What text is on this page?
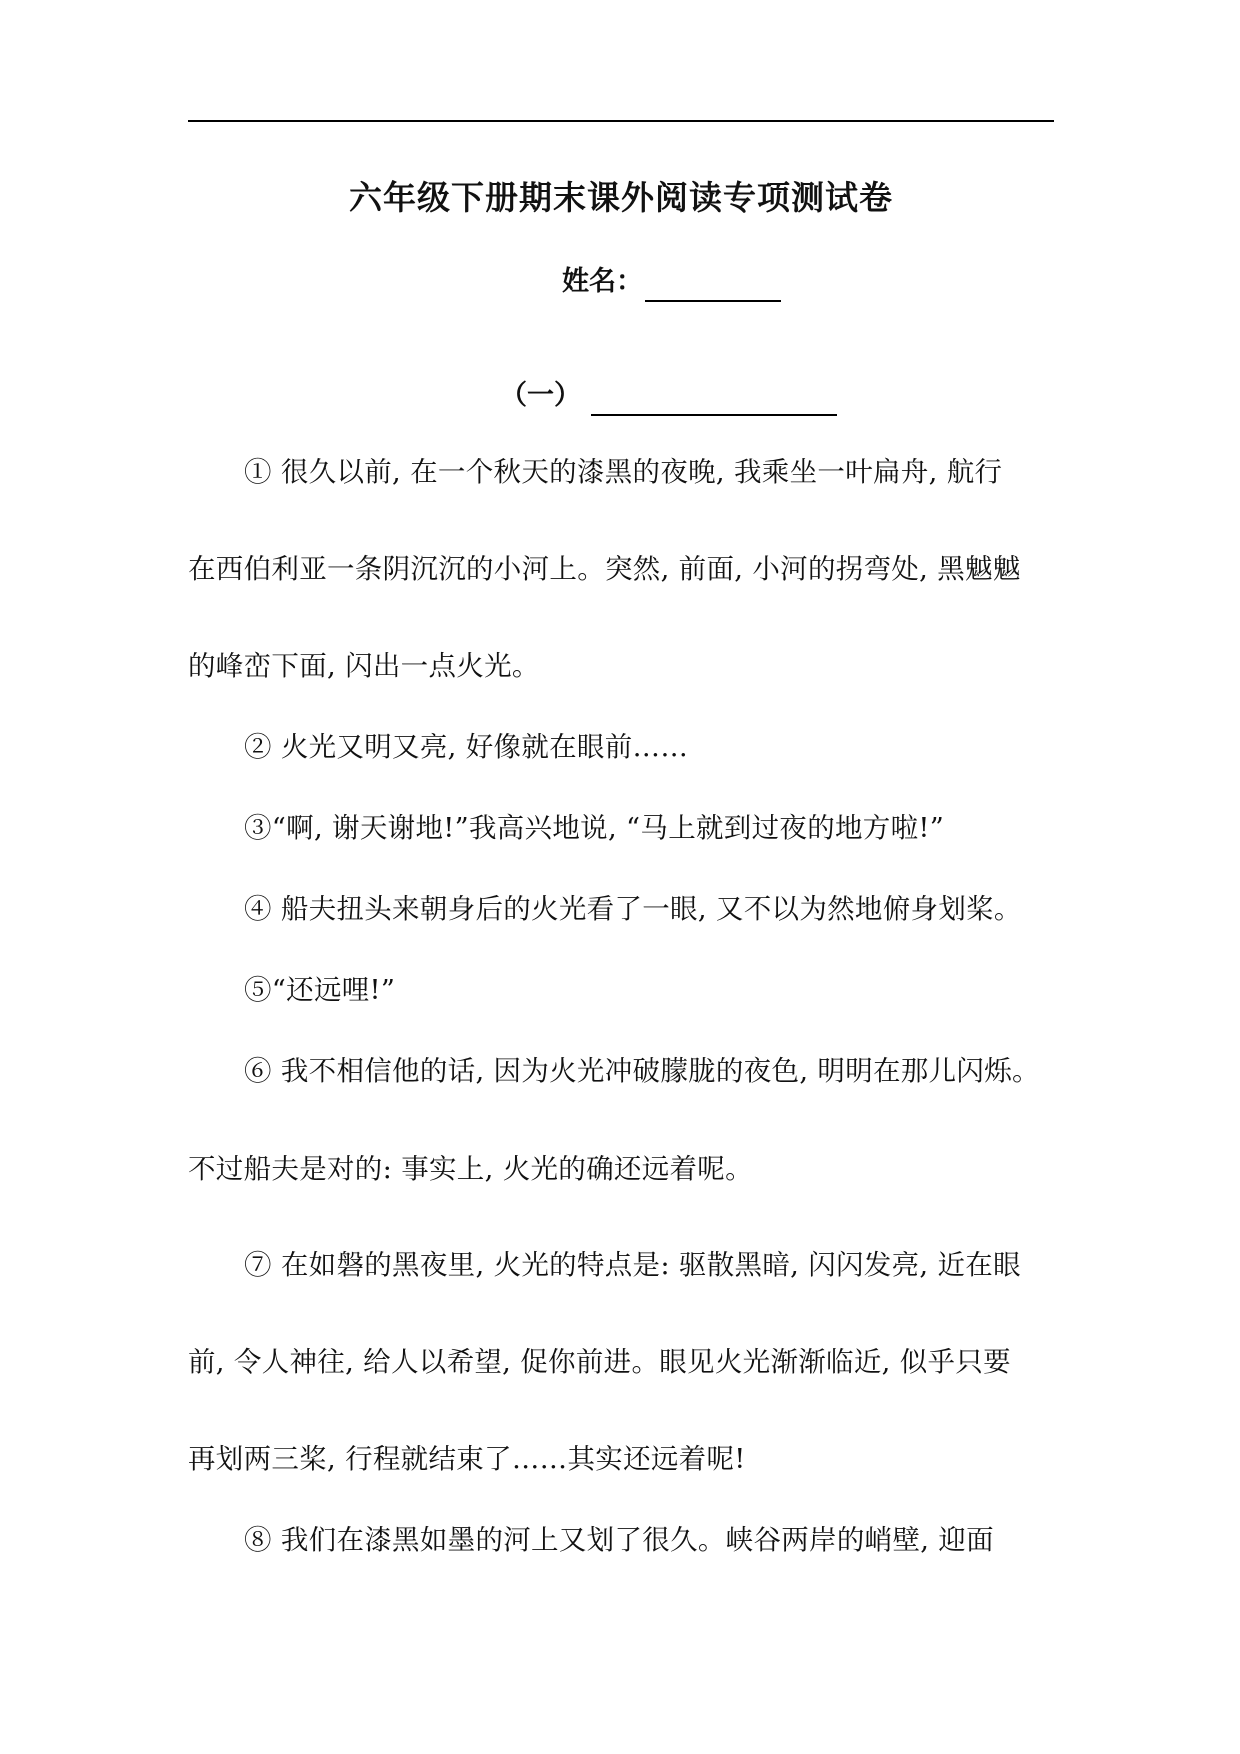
六年级下册期末课外阅读专项测试卷
姓名：
（一）
① 很久以前, 在一个秋天的漆黑的夜晚, 我乘坐一叶扁舟, 航行
在西伯利亚一条阴沉沉的小河上。突然, 前面, 小河的拐弯处, 黑魆魆
的峰峦下面, 闪出一点火光。
② 火光又明又亮, 好像就在眼前……
③“啊, 谢天谢地!”我高兴地说, “马上就到过夜的地方啦!”
④ 船夫扭头来朝身后的火光看了一眼, 又不以为然地俯身划桨。
⑤“还远哩!”
⑥ 我不相信他的话, 因为火光冲破朦胧的夜色, 明明在那儿闪烁。
不过船夫是对的: 事实上, 火光的确还远着呢。
⑦ 在如磐的黑夜里, 火光的特点是: 驱散黑暗, 闪闪发亮, 近在眼
前, 令人神往, 给人以希望, 促你前进。眼见火光渐渐临近, 似乎只要
再划两三桨, 行程就结束了……其实还远着呢!
⑧ 我们在漆黑如墨的河上又划了很久。峡谷两岸的峭壁, 迎面
